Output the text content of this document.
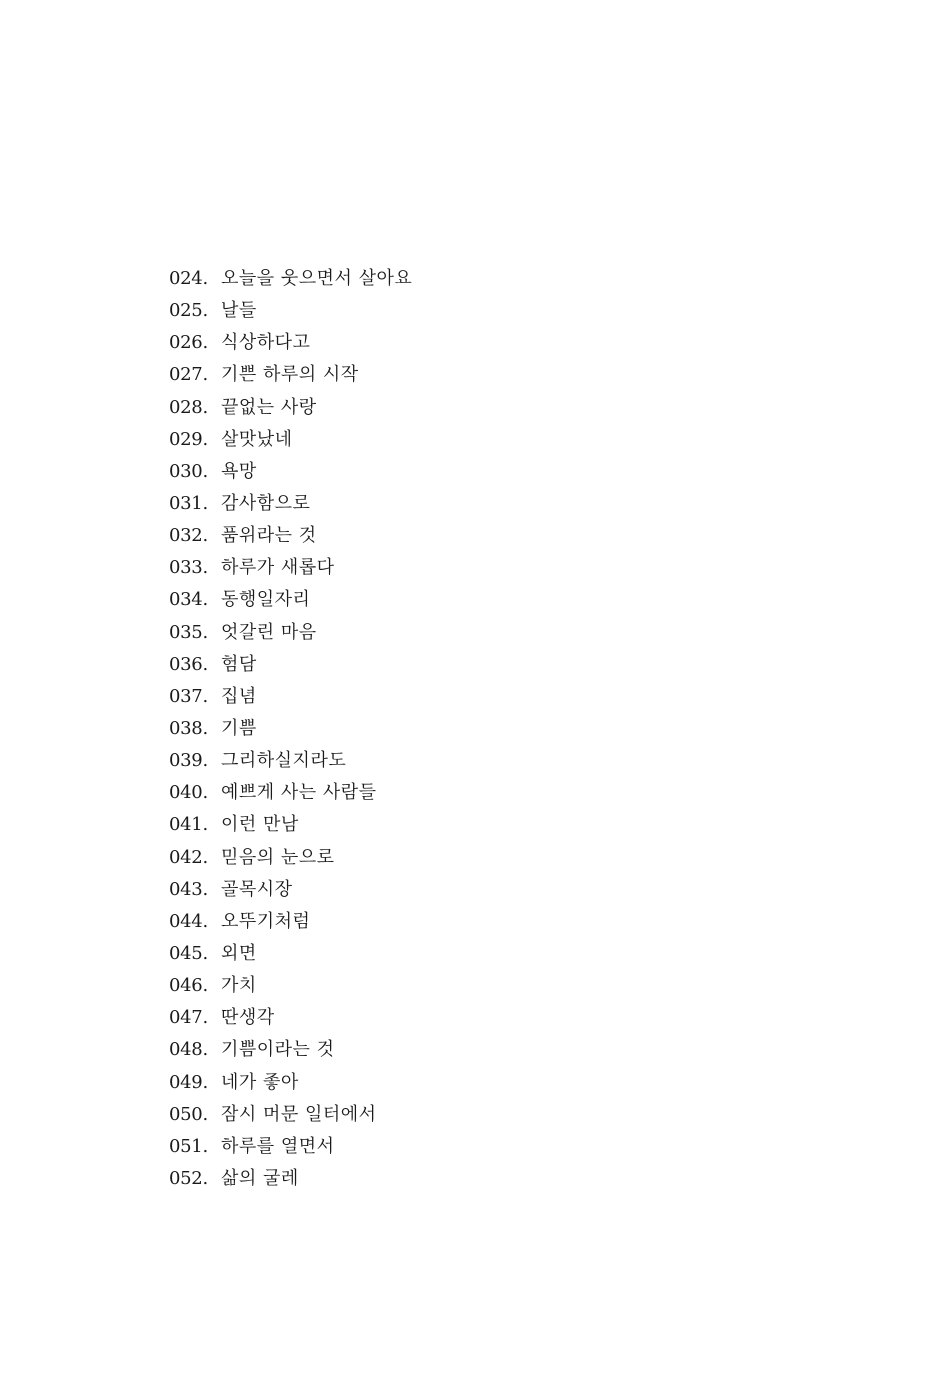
024. 오늘을 웃으면서 살아요
025. 날들
026. 식상하다고
027. 기쁜 하루의 시작
028. 끝없는 사랑
029. 살맛났네
030. 욕망
031. 감사함으로
032. 품위라는 것
033. 하루가 새롭다
034. 동행일자리
035. 엇갈린 마음
036. 험담
037. 집념
038. 기쁨
039. 그리하실지라도
040. 예쁘게 사는 사람들
041. 이런 만남
042. 믿음의 눈으로
043. 골목시장
044. 오뚜기처럼
045. 외면
046. 가치
047. 딴생각
048. 기쁨이라는 것
049. 네가 좋아
050. 잠시 머문 일터에서
051. 하루를 열면서
052. 삶의 굴레
